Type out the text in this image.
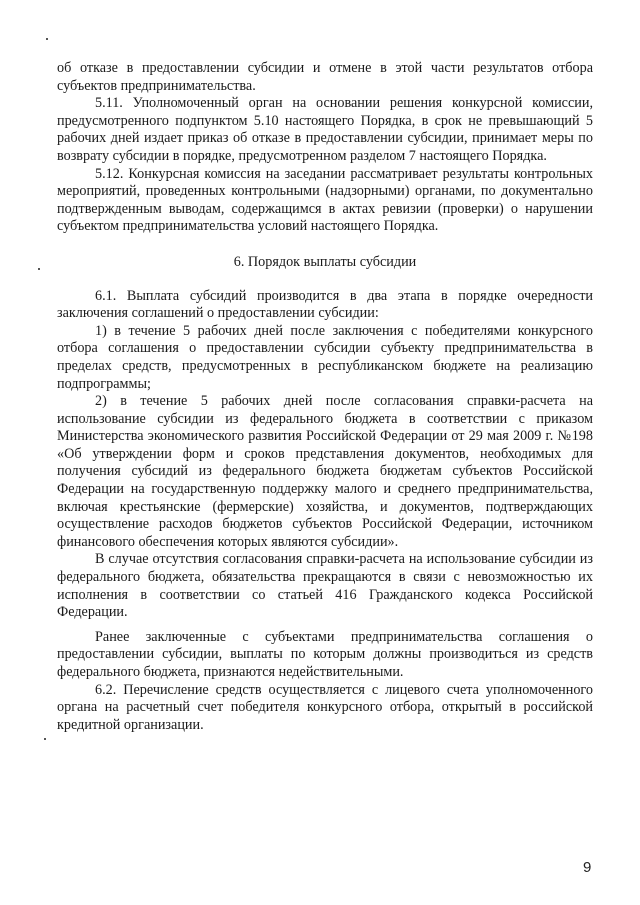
об отказе в предоставлении субсидии и отмене в этой части результатов отбора субъектов предпринимательства.

5.11. Уполномоченный орган на основании решения конкурсной комиссии, предусмотренного подпунктом 5.10 настоящего Порядка, в срок не превышающий 5 рабочих дней издает приказ об отказе в предоставлении субсидии, принимает меры по возврату субсидии в порядке, предусмотренном разделом 7 настоящего Порядка.

5.12. Конкурсная комиссия на заседании рассматривает результаты контрольных мероприятий, проведенных контрольными (надзорными) органами, по документально подтвержденным выводам, содержащимся в актах ревизии (проверки) о нарушении субъектом предпринимательства условий настоящего Порядка.

6. Порядок выплаты субсидии

6.1. Выплата субсидий производится в два этапа в порядке очередности заключения соглашений о предоставлении субсидии:

1) в течение 5 рабочих дней после заключения с победителями конкурсного отбора соглашения о предоставлении субсидии субъекту предпринимательства в пределах средств, предусмотренных в республиканском бюджете на реализацию подпрограммы;

2) в течение 5 рабочих дней после согласования справки-расчета на использование субсидии из федерального бюджета в соответствии с приказом Министерства экономического развития Российской Федерации от 29 мая 2009 г. №198 «Об утверждении форм и сроков представления документов, необходимых для получения субсидий из федерального бюджета бюджетам субъектов Российской Федерации на государственную поддержку малого и среднего предпринимательства, включая крестьянские (фермерские) хозяйства, и документов, подтверждающих осуществление расходов бюджетов субъектов Российской Федерации, источником финансового обеспечения которых являются субсидии».

В случае отсутствия согласования справки-расчета на использование субсидии из федерального бюджета, обязательства прекращаются в связи с невозможностью их исполнения в соответствии со статьей 416 Гражданского кодекса Российской Федерации.

Ранее заключенные с субъектами предпринимательства соглашения о предоставлении субсидии, выплаты по которым должны производиться из средств федерального бюджета, признаются недействительными.

6.2. Перечисление средств осуществляется с лицевого счета уполномоченного органа на расчетный счет победителя конкурсного отбора, открытый в российской кредитной организации.

9
